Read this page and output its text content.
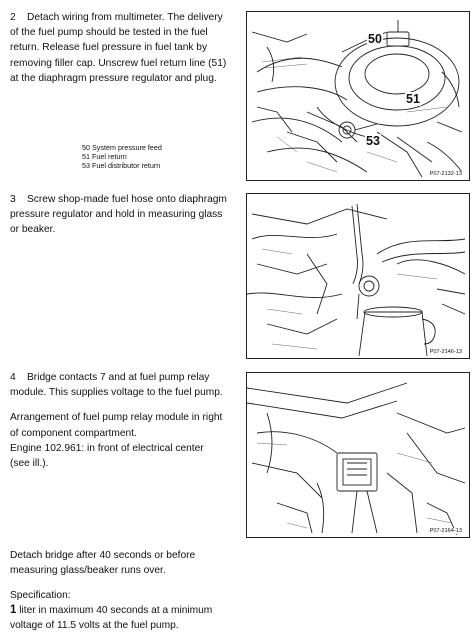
2 Detach wiring from multimeter. The delivery
of the fuel pump should be tested in the fuel
return. Release fuel pressure in fuel tank by
removing filler cap. Unscrew fuel return line (51)
at the diaphragm pressure regulator and plug.
50 System pressure feed
51 Fuel return
53 Fuel distributor return
50
51
53
P07-2132-13
3 Screw shop-made fuel hose onto diaphragm
pressure regulator and hold in measuring glass
or beaker.
P07-2146-13
4 Bridge contacts 7 and at fuel pump relay
module. This supplies voltage to the fuel pump.
Arrangement of fuel pump relay module in right
of component compartment.
Engine 102.961: in front of electrical center
(see ill.).
P07-2164-13
Detach bridge after 40 seconds or before
measuring glass/beaker runs over.
Specification:
1 liter in maximum 40 seconds at a minimum
voltage of 11.5 volts at the fuel pump.
